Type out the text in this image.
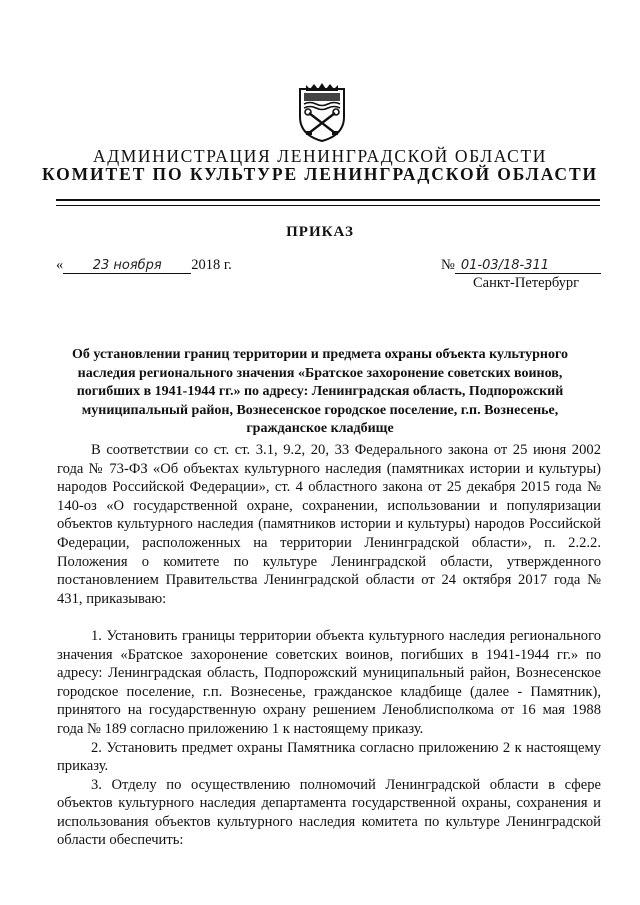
АДМИНИСТРАЦИЯ ЛЕНИНГРАДСКОЙ ОБЛАСТИ
КОМИТЕТ ПО КУЛЬТУРЕ ЛЕНИНГРАДСКОЙ ОБЛАСТИ
ПРИКАЗ
« 23 ноября 2018 г.	№ 01-03/18-311
Санкт-Петербург
Об установлении границ территории и предмета охраны объекта культурного наследия регионального значения «Братское захоронение советских воинов, погибших в 1941-1944 гг.» по адресу: Ленинградская область, Подпорожский муниципальный район, Вознесенское городское поселение, г.п. Вознесенье, гражданское кладбище

В соответствии со ст. ст. 3.1, 9.2, 20, 33 Федерального закона от 25 июня 2002 года № 73-ФЗ «Об объектах культурного наследия (памятниках истории и культуры) народов Российской Федерации», ст. 4 областного закона от 25 декабря 2015 года № 140-оз «О государственной охране, сохранении, использовании и популяризации объектов культурного наследия (памятников истории и культуры) народов Российской Федерации, расположенных на территории Ленинградской области», п. 2.2.2. Положения о комитете по культуре Ленинградской области, утвержденного постановлением Правительства Ленинградской области от 24 октября 2017 года № 431, приказываю:

1. Установить границы территории объекта культурного наследия регионального значения «Братское захоронение советских воинов, погибших в 1941-1944 гг.» по адресу: Ленинградская область, Подпорожский муниципальный район, Вознесенское городское поселение, г.п. Вознесенье, гражданское кладбище (далее - Памятник), принятого на государственную охрану решением Леноблисполкома от 16 мая 1988 года № 189 согласно приложению 1 к настоящему приказу.

2. Установить предмет охраны Памятника согласно приложению 2 к настоящему приказу.

3. Отделу по осуществлению полномочий Ленинградской области в сфере объектов культурного наследия департамента государственной охраны, сохранения и использования объектов культурного наследия комитета по культуре Ленинградской области обеспечить:
